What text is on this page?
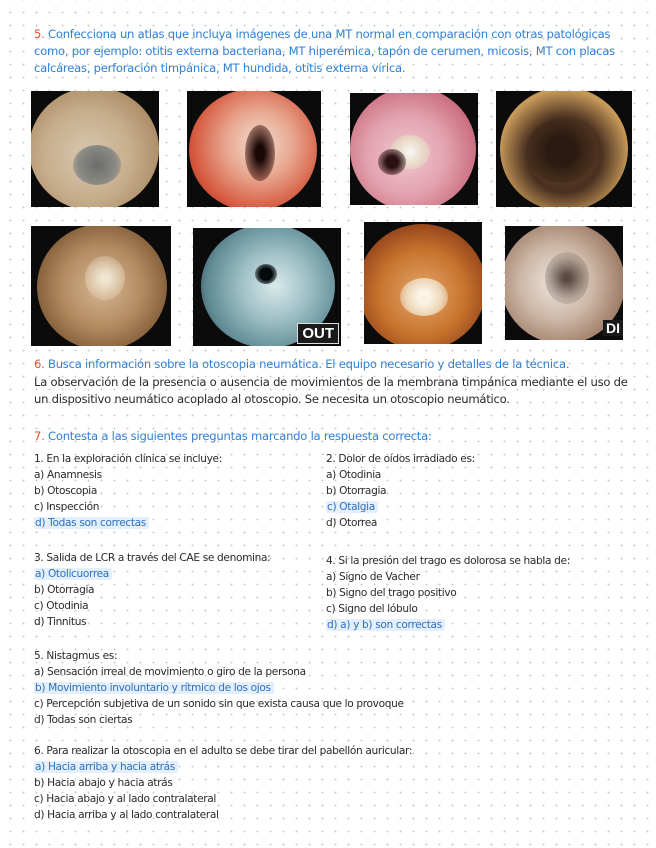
5. Confecciona un atlas que incluya imágenes de una MT normal en comparación con otras patológicas como, por ejemplo: otitis externa bacteriana, MT hiperémica, tapón de cerumen, micosis, MT con placas calcáreas, perforación timpánica, MT hundida, otitis externa vírica.
OUT	DI
6. Busca información sobre la otoscopia neumática. El equipo necesario y detalles de la técnica.
La observación de la presencia o ausencia de movimientos de la membrana timpánica mediante el uso de un dispositivo neumático acoplado al otoscopio. Se necesita un otoscopio neumático.
7. Contesta a las siguientes preguntas marcando la respuesta correcta:
1. En la exploración clínica se incluye:
a) Anamnesis
b) Otoscopia
c) Inspección
d) Todas son correctas
2. Dolor de oídos irradiado es:
a) Otodinia
b) Otorragia
c) Otalgia
d) Otorrea
3. Salida de LCR a través del CAE se denomina:
a) Otolicuorrea
b) Otorragia
c) Otodinia
d) Tinnitus
4. Si la presión del trago es dolorosa se habla de:
a) Signo de Vacher
b) Signo del trago positivo
c) Signo del lóbulo
d) a) y b) son correctas
5. Nistagmus es:
a) Sensación irreal de movimiento o giro de la persona
b) Movimiento involuntario y rítmico de los ojos
c) Percepción subjetiva de un sonido sin que exista causa que lo provoque
d) Todas son ciertas
6. Para realizar la otoscopia en el adulto se debe tirar del pabellón auricular:
a) Hacia arriba y hacia atrás
b) Hacia abajo y hacia atrás
c) Hacia abajo y al lado contralateral
d) Hacia arriba y al lado contralateral
